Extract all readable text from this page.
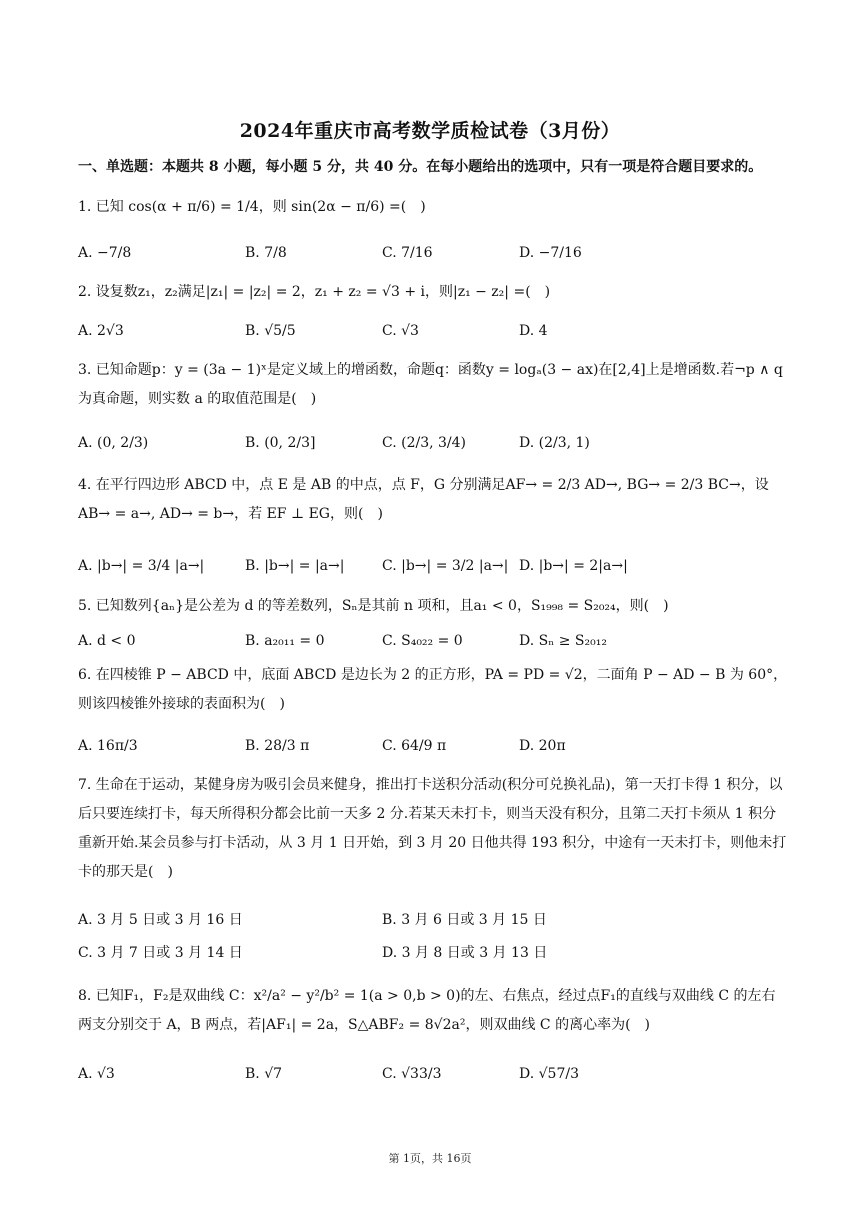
2024年重庆市高考数学质检试卷（3月份）
一、单选题：本题共 8 小题，每小题 5 分，共 40 分。在每小题给出的选项中，只有一项是符合题目要求的。
1. 已知 cos(α + π/6) = 1/4，则 sin(2α − π/6) =(　)
A. −7/8	B. 7/8	C. 7/16	D. −7/16
2. 设复数z₁，z₂满足|z₁| = |z₂| = 2，z₁ + z₂ = √3 + i，则|z₁ − z₂| =(　)
A. 2√3	B. √5/5	C. √3	D. 4
3. 已知命题p：y = (3a − 1)ˣ是定义域上的增函数，命题q：函数y = logₐ(3 − ax)在[2,4]上是增函数.若¬p ∧ q为真命题，则实数 a 的取值范围是(　)
A. (0, 2/3)	B. (0, 2/3]	C. (2/3, 3/4)	D. (2/3, 1)
4. 在平行四边形 ABCD 中，点 E 是 AB 的中点，点 F，G 分别满足AF→ = 2/3 AD→, BG→ = 2/3 BC→，设AB→ = a→, AD→ = b→，若 EF ⊥ EG，则(　)
A. |b→| = 3/4 |a→|	B. |b→| = |a→|	C. |b→| = 3/2 |a→| D. |b→| = 2|a→|
5. 已知数列{aₙ}是公差为 d 的等差数列，Sₙ是其前 n 项和，且a₁ < 0，S₁₉₉₈ = S₂₀₂₄，则(　)
A. d < 0	B. a₂₀₁₁ = 0	C. S₄₀₂₂ = 0	D. Sₙ ≥ S₂₀₁₂
6. 在四棱锥 P − ABCD 中，底面 ABCD 是边长为 2 的正方形，PA = PD = √2，二面角 P − AD − B 为 60°，则该四棱锥外接球的表面积为(　)
A. 16π/3	B. 28/3 π	C. 64/9 π	D. 20π
7. 生命在于运动，某健身房为吸引会员来健身，推出打卡送积分活动(积分可兑换礼品)，第一天打卡得 1 积分，以后只要连续打卡，每天所得积分都会比前一天多 2 分.若某天未打卡，则当天没有积分，且第二天打卡须从 1 积分重新开始.某会员参与打卡活动，从 3 月 1 日开始，到 3 月 20 日他共得 193 积分，中途有一天未打卡，则他未打卡的那天是(　)
A. 3 月 5 日或 3 月 16 日	B. 3 月 6 日或 3 月 15 日
C. 3 月 7 日或 3 月 14 日	D. 3 月 8 日或 3 月 13 日
8. 已知F₁，F₂是双曲线 C：x²/a² − y²/b² = 1(a > 0,b > 0)的左、右焦点，经过点F₁的直线与双曲线 C 的左右两支分别交于 A，B 两点，若|AF₁| = 2a，S△ABF₂ = 8√2a²，则双曲线 C 的离心率为(　)
A. √3	B. √7	C. √33/3	D. √57/3
第 1页，共 16页
